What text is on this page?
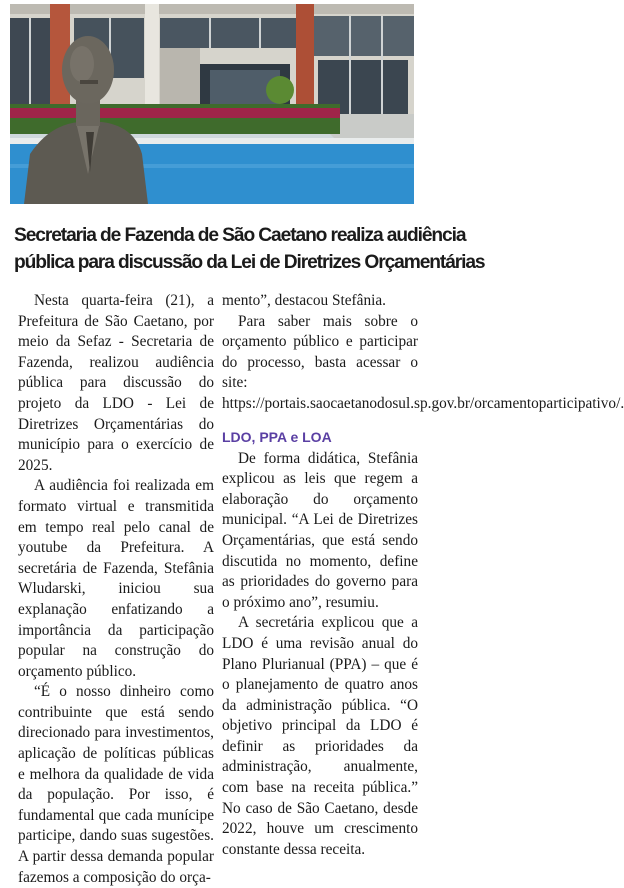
Secretaria de Fazenda de São Caetano realiza audiência
pública para discussão da Lei de Diretrizes Orçamentárias

Nesta quarta-feira (21), a Prefeitura de São Caetano, por meio da Sefaz - Secretaria de Fazenda, realizou audiência pública para discussão do projeto da LDO - Lei de Diretrizes Orçamentárias do município para o exercício de 2025.

A audiência foi realizada em formato virtual e transmitida em tempo real pelo canal de youtube da Prefeitura. A secretária de Fazenda, Stefânia Wludarski, iniciou sua explanação enfatizando a importância da participação popular na construção do orçamento público.

“É o nosso dinheiro como contribuinte que está sendo direcionado para investimentos, aplicação de políticas públicas e melhora da qualidade de vida da população. Por isso, é fundamental que cada munícipe participe, dando suas sugestões. A partir dessa demanda popular fazemos a composição do orça-

mento”, destacou Stefânia.

Para saber mais sobre o orçamento público e participar do processo, basta acessar o site: https://portais.saocaetanodosul.sp.gov.br/orcamentoparticipativo/.

LDO, PPA e LOA

De forma didática, Stefânia explicou as leis que regem a elaboração do orçamento municipal. “A Lei de Diretrizes Orçamentárias, que está sendo discutida no momento, define as prioridades do governo para o próximo ano”, resumiu.

A secretária explicou que a LDO é uma revisão anual do Plano Plurianual (PPA) – que é o planejamento de quatro anos da administração pública. “O objetivo principal da LDO é definir as prioridades da administração, anualmente, com base na receita pública.” No caso de São Caetano, desde 2022, houve um crescimento constante dessa receita.
